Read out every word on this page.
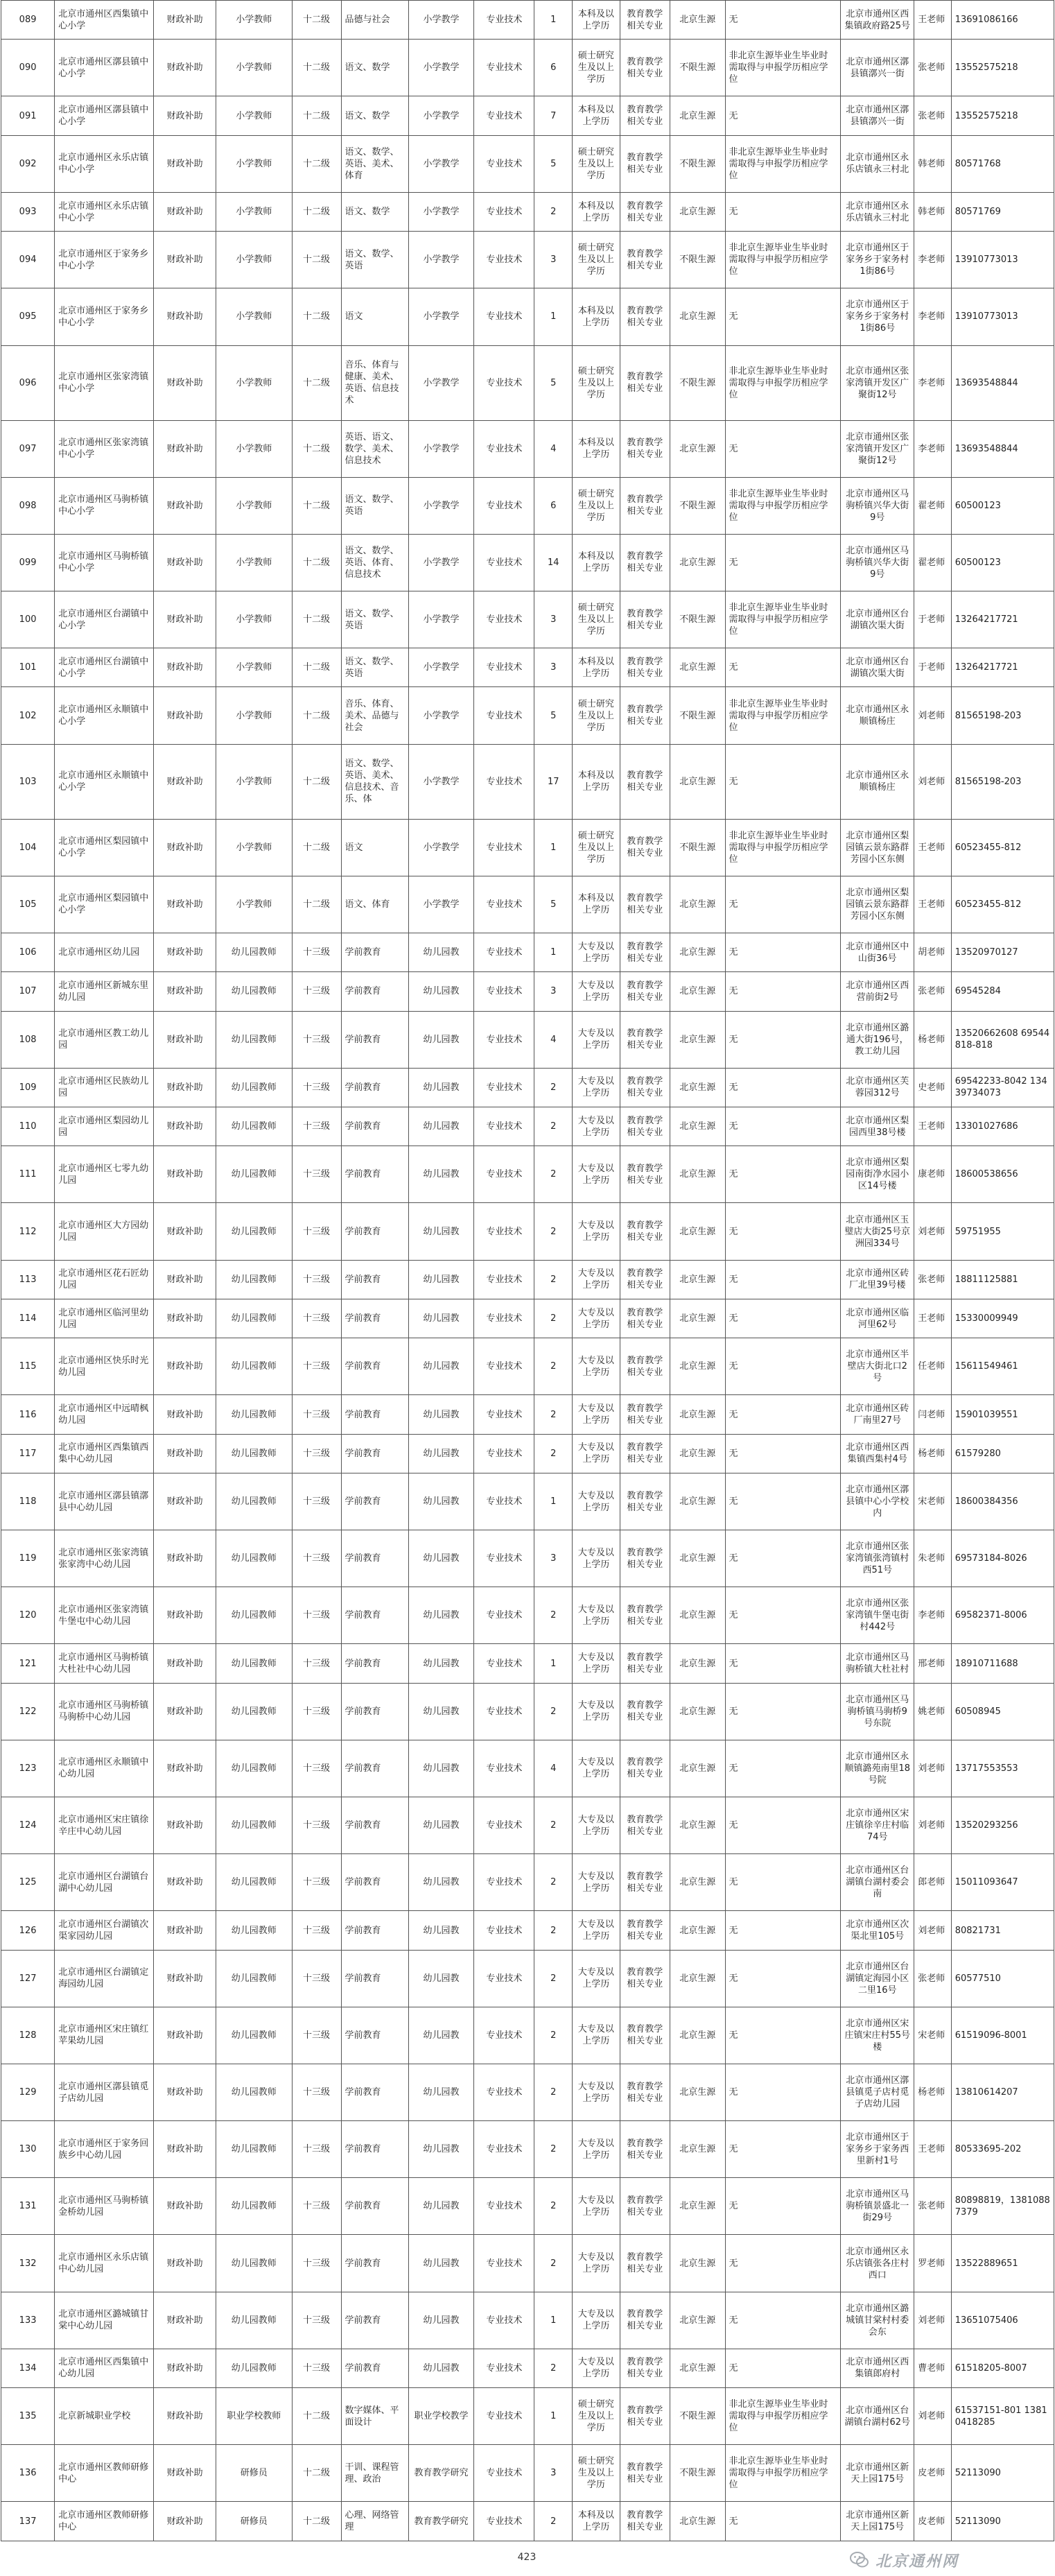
089	北京市通州区西集镇中心小学	财政补助	小学教师	十二级	品德与社会	小学教学	专业技术	1	本科及以上学历	教育教学相关专业	北京生源	无	北京市通州区西集镇政府路25号	王老师	13691086166
090	北京市通州区漷县镇中心小学	财政补助	小学教师	十二级	语文、数学	小学教学	专业技术	6	硕士研究生及以上学历	教育教学相关专业	不限生源	非北京生源毕业生毕业时需取得与申报学历相应学位	北京市通州区漷县镇漷兴一街	张老师	13552575218
091	北京市通州区漷县镇中心小学	财政补助	小学教师	十二级	语文、数学	小学教学	专业技术	7	本科及以上学历	教育教学相关专业	北京生源	无	北京市通州区漷县镇漷兴一街	张老师	13552575218
092	北京市通州区永乐店镇中心小学	财政补助	小学教师	十二级	语文、数学、英语、美术、体育	小学教学	专业技术	5	硕士研究生及以上学历	教育教学相关专业	不限生源	非北京生源毕业生毕业时需取得与申报学历相应学位	北京市通州区永乐店镇永三村北	韩老师	80571768
093	北京市通州区永乐店镇中心小学	财政补助	小学教师	十二级	语文、数学	小学教学	专业技术	2	本科及以上学历	教育教学相关专业	北京生源	无	北京市通州区永乐店镇永三村北	韩老师	80571769
094	北京市通州区于家务乡中心小学	财政补助	小学教师	十二级	语文、数学、英语	小学教学	专业技术	3	硕士研究生及以上学历	教育教学相关专业	不限生源	非北京生源毕业生毕业时需取得与申报学历相应学位	北京市通州区于家务乡于家务村1街86号	李老师	13910773013
095	北京市通州区于家务乡中心小学	财政补助	小学教师	十二级	语文	小学教学	专业技术	1	本科及以上学历	教育教学相关专业	北京生源	无	北京市通州区于家务乡于家务村1街86号	李老师	13910773013
096	北京市通州区张家湾镇中心小学	财政补助	小学教师	十二级	音乐、体育与健康、美术、英语、信息技术	小学教学	专业技术	5	硕士研究生及以上学历	教育教学相关专业	不限生源	非北京生源毕业生毕业时需取得与申报学历相应学位	北京市通州区张家湾镇开发区广聚街12号	李老师	13693548844
097	北京市通州区张家湾镇中心小学	财政补助	小学教师	十二级	英语、语文、数学、美术、信息技术	小学教学	专业技术	4	本科及以上学历	教育教学相关专业	北京生源	无	北京市通州区张家湾镇开发区广聚街12号	李老师	13693548844
098	北京市通州区马驹桥镇中心小学	财政补助	小学教师	十二级	语文、数学、英语	小学教学	专业技术	6	硕士研究生及以上学历	教育教学相关专业	不限生源	非北京生源毕业生毕业时需取得与申报学历相应学位	北京市通州区马驹桥镇兴华大街9号	翟老师	60500123
099	北京市通州区马驹桥镇中心小学	财政补助	小学教师	十二级	语文、数学、英语、体育、信息技术	小学教学	专业技术	14	本科及以上学历	教育教学相关专业	北京生源	无	北京市通州区马驹桥镇兴华大街9号	翟老师	60500123
100	北京市通州区台湖镇中心小学	财政补助	小学教师	十二级	语文、数学、英语	小学教学	专业技术	3	硕士研究生及以上学历	教育教学相关专业	不限生源	非北京生源毕业生毕业时需取得与申报学历相应学位	北京市通州区台湖镇次渠大街	于老师	13264217721
101	北京市通州区台湖镇中心小学	财政补助	小学教师	十二级	语文、数学、英语	小学教学	专业技术	3	本科及以上学历	教育教学相关专业	北京生源	无	北京市通州区台湖镇次渠大街	于老师	13264217721
102	北京市通州区永顺镇中心小学	财政补助	小学教师	十二级	音乐、体育、美术、品德与社会	小学教学	专业技术	5	硕士研究生及以上学历	教育教学相关专业	不限生源	非北京生源毕业生毕业时需取得与申报学历相应学位	北京市通州区永顺镇杨庄	刘老师	81565198-203
103	北京市通州区永顺镇中心小学	财政补助	小学教师	十二级	语文、数学、英语、美术、信息技术、音乐、体	小学教学	专业技术	17	本科及以上学历	教育教学相关专业	北京生源	无	北京市通州区永顺镇杨庄	刘老师	81565198-203
104	北京市通州区梨园镇中心小学	财政补助	小学教师	十二级	语文	小学教学	专业技术	1	硕士研究生及以上学历	教育教学相关专业	不限生源	非北京生源毕业生毕业时需取得与申报学历相应学位	北京市通州区梨园镇云景东路群芳园小区东侧	王老师	60523455-812
105	北京市通州区梨园镇中心小学	财政补助	小学教师	十二级	语文、体育	小学教学	专业技术	5	本科及以上学历	教育教学相关专业	北京生源	无	北京市通州区梨园镇云景东路群芳园小区东侧	王老师	60523455-812
106	北京市通州区幼儿园	财政补助	幼儿园教师	十三级	学前教育	幼儿园教	专业技术	1	大专及以上学历	教育教学相关专业	北京生源	无	北京市通州区中山街36号	胡老师	13520970127
107	北京市通州区新城东里幼儿园	财政补助	幼儿园教师	十三级	学前教育	幼儿园教	专业技术	3	大专及以上学历	教育教学相关专业	北京生源	无	北京市通州区西营前街2号	张老师	69545284
108	北京市通州区教工幼儿园	财政补助	幼儿园教师	十三级	学前教育	幼儿园教	专业技术	4	大专及以上学历	教育教学相关专业	北京生源	无	北京市通州区潞通大街196号，教工幼儿园	杨老师	13520662608 69544818-818
109	北京市通州区民族幼儿园	财政补助	幼儿园教师	十三级	学前教育	幼儿园教	专业技术	2	大专及以上学历	教育教学相关专业	北京生源	无	北京市通州区芙蓉园312号	史老师	69542233-8042 13439734073
110	北京市通州区梨园幼儿园	财政补助	幼儿园教师	十三级	学前教育	幼儿园教	专业技术	2	大专及以上学历	教育教学相关专业	北京生源	无	北京市通州区梨园西里38号楼	王老师	13301027686
111	北京市通州区七零九幼儿园	财政补助	幼儿园教师	十三级	学前教育	幼儿园教	专业技术	2	大专及以上学历	教育教学相关专业	北京生源	无	北京市通州区梨园南街净水园小区14号楼	康老师	18600538656
112	北京市通州区大方园幼儿园	财政补助	幼儿园教师	十三级	学前教育	幼儿园教	专业技术	2	大专及以上学历	教育教学相关专业	北京生源	无	北京市通州区玉璧店大街25号京洲园334号	刘老师	59751955
113	北京市通州区花石匠幼儿园	财政补助	幼儿园教师	十三级	学前教育	幼儿园教	专业技术	2	大专及以上学历	教育教学相关专业	北京生源	无	北京市通州区砖厂北里39号楼	张老师	18811125881
114	北京市通州区临河里幼儿园	财政补助	幼儿园教师	十三级	学前教育	幼儿园教	专业技术	2	大专及以上学历	教育教学相关专业	北京生源	无	北京市通州区临河里62号	王老师	15330009949
115	北京市通州区快乐时光幼儿园	财政补助	幼儿园教师	十三级	学前教育	幼儿园教	专业技术	2	大专及以上学历	教育教学相关专业	北京生源	无	北京市通州区半壁店大街北口2号	任老师	15611549461
116	北京市通州区中远晴枫幼儿园	财政补助	幼儿园教师	十三级	学前教育	幼儿园教	专业技术	2	大专及以上学历	教育教学相关专业	北京生源	无	北京市通州区砖厂南里27号	闫老师	15901039551
117	北京市通州区西集镇西集中心幼儿园	财政补助	幼儿园教师	十三级	学前教育	幼儿园教	专业技术	2	大专及以上学历	教育教学相关专业	北京生源	无	北京市通州区西集镇西集村4号	杨老师	61579280
118	北京市通州区漷县镇漷县中心幼儿园	财政补助	幼儿园教师	十三级	学前教育	幼儿园教	专业技术	1	大专及以上学历	教育教学相关专业	北京生源	无	北京市通州区漷县镇中心小学校内	宋老师	18600384356
119	北京市通州区张家湾镇张家湾中心幼儿园	财政补助	幼儿园教师	十三级	学前教育	幼儿园教	专业技术	3	大专及以上学历	教育教学相关专业	北京生源	无	北京市通州区张家湾镇张湾镇村西51号	朱老师	69573184-8026
120	北京市通州区张家湾镇牛堡屯中心幼儿园	财政补助	幼儿园教师	十三级	学前教育	幼儿园教	专业技术	2	大专及以上学历	教育教学相关专业	北京生源	无	北京市通州区张家湾镇牛堡屯街村442号	李老师	69582371-8006
121	北京市通州区马驹桥镇大杜社中心幼儿园	财政补助	幼儿园教师	十三级	学前教育	幼儿园教	专业技术	1	大专及以上学历	教育教学相关专业	北京生源	无	北京市通州区马驹桥镇大杜社村	邢老师	18910711688
122	北京市通州区马驹桥镇马驹桥中心幼儿园	财政补助	幼儿园教师	十三级	学前教育	幼儿园教	专业技术	2	大专及以上学历	教育教学相关专业	北京生源	无	北京市通州区马驹桥镇马驹桥9号东院	姚老师	60508945
123	北京市通州区永顺镇中心幼儿园	财政补助	幼儿园教师	十三级	学前教育	幼儿园教	专业技术	4	大专及以上学历	教育教学相关专业	北京生源	无	北京市通州区永顺镇潞苑南里18号院	刘老师	13717553553
124	北京市通州区宋庄镇徐辛庄中心幼儿园	财政补助	幼儿园教师	十三级	学前教育	幼儿园教	专业技术	2	大专及以上学历	教育教学相关专业	北京生源	无	北京市通州区宋庄镇徐辛庄村临74号	刘老师	13520293256
125	北京市通州区台湖镇台湖中心幼儿园	财政补助	幼儿园教师	十三级	学前教育	幼儿园教	专业技术	2	大专及以上学历	教育教学相关专业	北京生源	无	北京市通州区台湖镇台湖村委会南	郎老师	15011093647
126	北京市通州区台湖镇次渠家园幼儿园	财政补助	幼儿园教师	十三级	学前教育	幼儿园教	专业技术	2	大专及以上学历	教育教学相关专业	北京生源	无	北京市通州区次渠北里105号	刘老师	80821731
127	北京市通州区台湖镇定海园幼儿园	财政补助	幼儿园教师	十三级	学前教育	幼儿园教	专业技术	2	大专及以上学历	教育教学相关专业	北京生源	无	北京市通州区台湖镇定海园小区二里16号	张老师	60577510
128	北京市通州区宋庄镇红苹果幼儿园	财政补助	幼儿园教师	十三级	学前教育	幼儿园教	专业技术	2	大专及以上学历	教育教学相关专业	北京生源	无	北京市通州区宋庄镇宋庄村55号楼	宋老师	61519096-8001
129	北京市通州区漷县镇觅子店幼儿园	财政补助	幼儿园教师	十三级	学前教育	幼儿园教	专业技术	2	大专及以上学历	教育教学相关专业	北京生源	无	北京市通州区漷县镇觅子店村觅子店幼儿园	杨老师	13810614207
130	北京市通州区于家务回族乡中心幼儿园	财政补助	幼儿园教师	十三级	学前教育	幼儿园教	专业技术	2	大专及以上学历	教育教学相关专业	北京生源	无	北京市通州区于家务乡于家务西里新村1号	王老师	80533695-202
131	北京市通州区马驹桥镇金桥幼儿园	财政补助	幼儿园教师	十三级	学前教育	幼儿园教	专业技术	2	大专及以上学历	教育教学相关专业	北京生源	无	北京市通州区马驹桥镇景盛北一街29号	张老师	80898819，13810887379
132	北京市通州区永乐店镇中心幼儿园	财政补助	幼儿园教师	十三级	学前教育	幼儿园教	专业技术	2	大专及以上学历	教育教学相关专业	北京生源	无	北京市通州区永乐店镇张各庄村西口	罗老师	13522889651
133	北京市通州区潞城镇甘棠中心幼儿园	财政补助	幼儿园教师	十三级	学前教育	幼儿园教	专业技术	1	大专及以上学历	教育教学相关专业	北京生源	无	北京市通州区潞城镇甘棠村村委会东	刘老师	13651075406
134	北京市通州区西集镇中心幼儿园	财政补助	幼儿园教师	十三级	学前教育	幼儿园教	专业技术	2	大专及以上学历	教育教学相关专业	北京生源	无	北京市通州区西集镇郎府村	曹老师	61518205-8007
135	北京新城职业学校	财政补助	职业学校教师	十二级	数字媒体、平面设计	职业学校教学	专业技术	1	硕士研究生及以上学历	教育教学相关专业	不限生源	非北京生源毕业生毕业时需取得与申报学历相应学位	北京市通州区台湖镇台湖村62号	刘老师	61537151-801 13810418285
136	北京市通州区教师研修中心	财政补助	研修员	十二级	干训、课程管理、政治	教育教学研究	专业技术	3	硕士研究生及以上学历	教育教学相关专业	不限生源	非北京生源毕业生毕业时需取得与申报学历相应学位	北京市通州区新天上园175号	皮老师	52113090
137	北京市通州区教师研修中心	财政补助	研修员	十二级	心理、网络管理	教育教学研究	专业技术	2	本科及以上学历	教育教学相关专业	北京生源	无	北京市通州区新天上园175号	皮老师	52113090
423	北京通州网
